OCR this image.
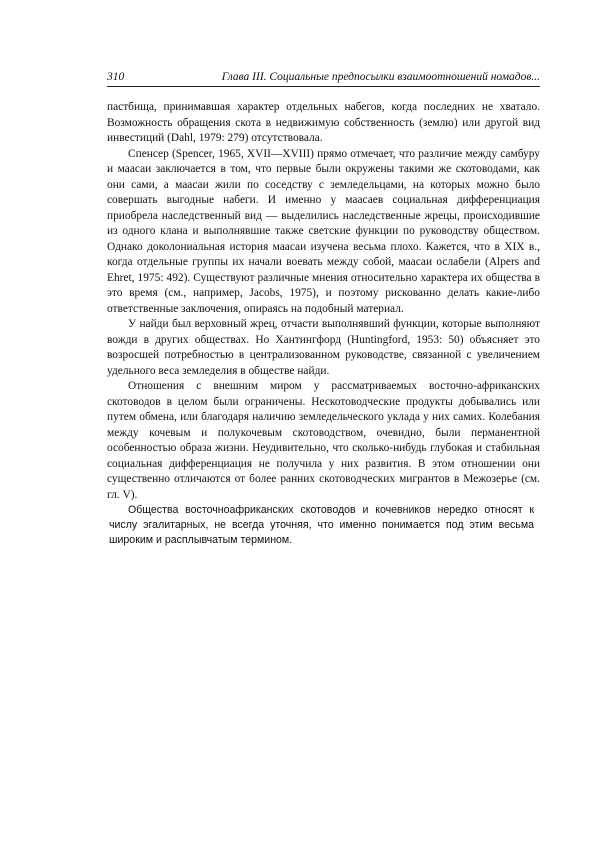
310	Глава III. Социальные предпосылки взаимоотношений номадов...

пастбища, принимавшая характер отдельных набегов, когда последних не хватало. Возможность обращения скота в недвижимую собственность (землю) или другой вид инвестиций (Dahl, 1979: 279) отсутствовала.

Спенсер (Spencer, 1965, XVII—XVIII) прямо отмечает, что различие между самбуру и маасаи заключается в том, что первые были окружены такими же скотоводами, как они сами, а маасаи жили по соседству с земледельцами, на которых можно было совершать выгодные набеги. И именно у маасаев социальная дифференциация приобрела наследственный вид — выделились наследственные жрецы, происходившие из одного клана и выполнявшие также светские функции по руководству обществом. Однако доколониальная история маасаи изучена весьма плохо. Кажется, что в XIX в., когда отдельные группы их начали воевать между собой, маасаи ослабели (Alpers and Ehret, 1975: 492). Существуют различные мнения относительно характера их общества в это время (см., например, Jacobs, 1975), и поэтому рискованно делать какие-либо ответственные заключения, опираясь на подобный материал.

У найди был верховный жрец, отчасти выполнявший функции, которые выполняют вожди в других обществах. Но Хантингфорд (Huntingford, 1953: 50) объясняет это возросшей потребностью в централизованном руководстве, связанной с увеличением удельного веса земледелия в обществе найди.

Отношения с внешним миром у рассматриваемых восточно-африканских скотоводов в целом были ограничены. Нескотоводческие продукты добывались или путем обмена, или благодаря наличию земледельческого уклада у них самих. Колебания между кочевым и полукочевым скотоводством, очевидно, были перманентной особенностью образа жизни. Неудивительно, что сколько-нибудь глубокая и стабильная социальная дифференциация не получила у них развития. В этом отношении они существенно отличаются от более ранних скотоводческих мигрантов в Межозерье (см. гл. V).

Общества восточноафриканских скотоводов и кочевников нередко относят к числу эгалитарных, не всегда уточняя, что именно понимается под этим весьма широким и расплывчатым термином.
